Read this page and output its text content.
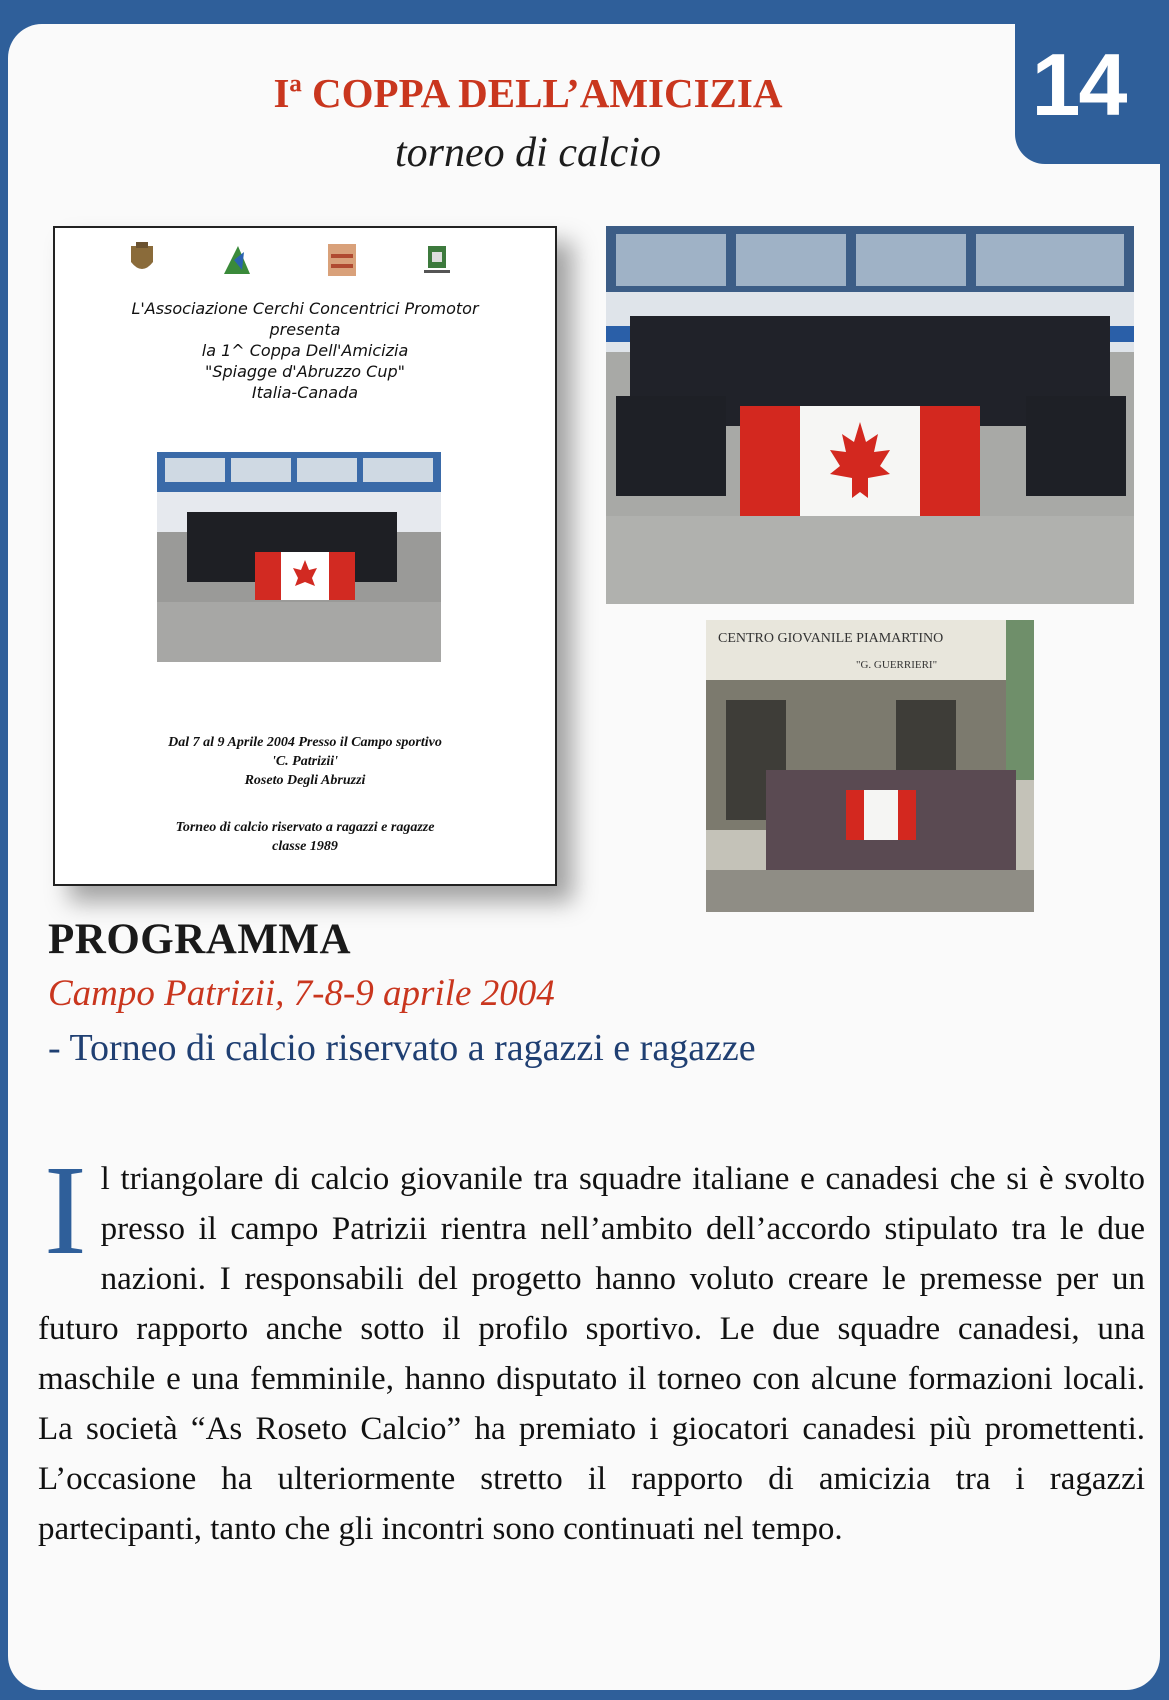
14
Iª COPPA DELL’AMICIZIA
torneo di calcio
L'Associazione Cerchi Concentrici Promotor
presenta
la 1^ Coppa Dell'Amicizia
"Spiagge d'Abruzzo Cup"
Italia-Canada
Dal 7 al 9 Aprile 2004 Presso il Campo sportivo
'C. Patrizii'
Roseto Degli Abruzzi
Torneo di calcio riservato a ragazzi e ragazze
classe 1989
CENTRO GIOVANILE PIAMARTINO
"G. GUERRIERI"
PROGRAMMA
Campo Patrizii, 7-8-9 aprile 2004
- Torneo di calcio riservato a ragazzi e ragazze
Il triangolare di calcio giovanile tra squadre italiane e canadesi che si è svolto presso il campo Patrizii rientra nell’ambito dell’accordo stipulato tra le due nazioni. I responsabili del progetto hanno voluto creare le premesse per un futuro rapporto anche sotto il profilo sportivo. Le due squadre canadesi, una maschile e una femminile, hanno disputato il torneo con alcune formazioni locali. La società “As Roseto Calcio” ha premiato i giocatori canadesi più promettenti. L’occasione ha ulteriormente stretto il rapporto di amicizia tra i ragazzi partecipanti, tanto che gli incontri sono continuati nel tempo.
